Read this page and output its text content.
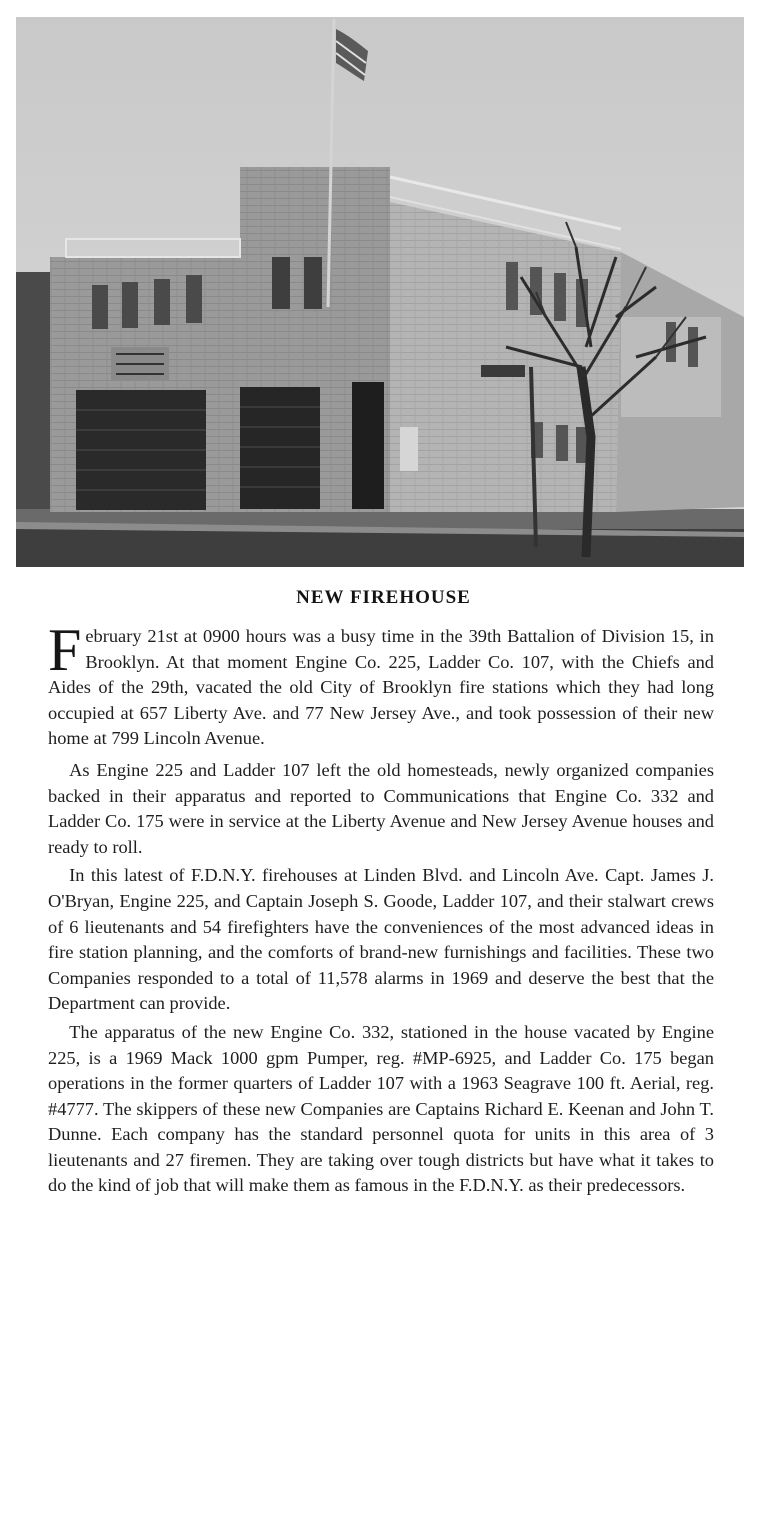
NEW FIREHOUSE

February 21st at 0900 hours was a busy time in the 39th Battalion of Division 15, in Brooklyn. At that moment Engine Co. 225, Ladder Co. 107, with the Chiefs and Aides of the 29th, vacated the old City of Brooklyn fire stations which they had long occupied at 657 Liberty Ave. and 77 New Jersey Ave., and took possession of their new home at 799 Lincoln Avenue.

As Engine 225 and Ladder 107 left the old homesteads, newly organized companies backed in their apparatus and reported to Communications that Engine Co. 332 and Ladder Co. 175 were in service at the Liberty Avenue and New Jersey Avenue houses and ready to roll.

In this latest of F.D.N.Y. firehouses at Linden Blvd. and Lincoln Ave. Capt. James J. O'Bryan, Engine 225, and Captain Joseph S. Goode, Ladder 107, and their stalwart crews of 6 lieutenants and 54 firefighters have the conveniences of the most advanced ideas in fire station planning, and the comforts of brand-new furnishings and facilities. These two Companies responded to a total of 11,578 alarms in 1969 and deserve the best that the Department can provide.

The apparatus of the new Engine Co. 332, stationed in the house vacated by Engine 225, is a 1969 Mack 1000 gpm Pumper, reg. #MP-6925, and Ladder Co. 175 began operations in the former quarters of Ladder 107 with a 1963 Seagrave 100 ft. Aerial, reg. #4777. The skippers of these new Companies are Captains Richard E. Keenan and John T. Dunne. Each company has the standard personnel quota for units in this area of 3 lieutenants and 27 firemen. They are taking over tough districts but have what it takes to do the kind of job that will make them as famous in the F.D.N.Y. as their predecessors.
